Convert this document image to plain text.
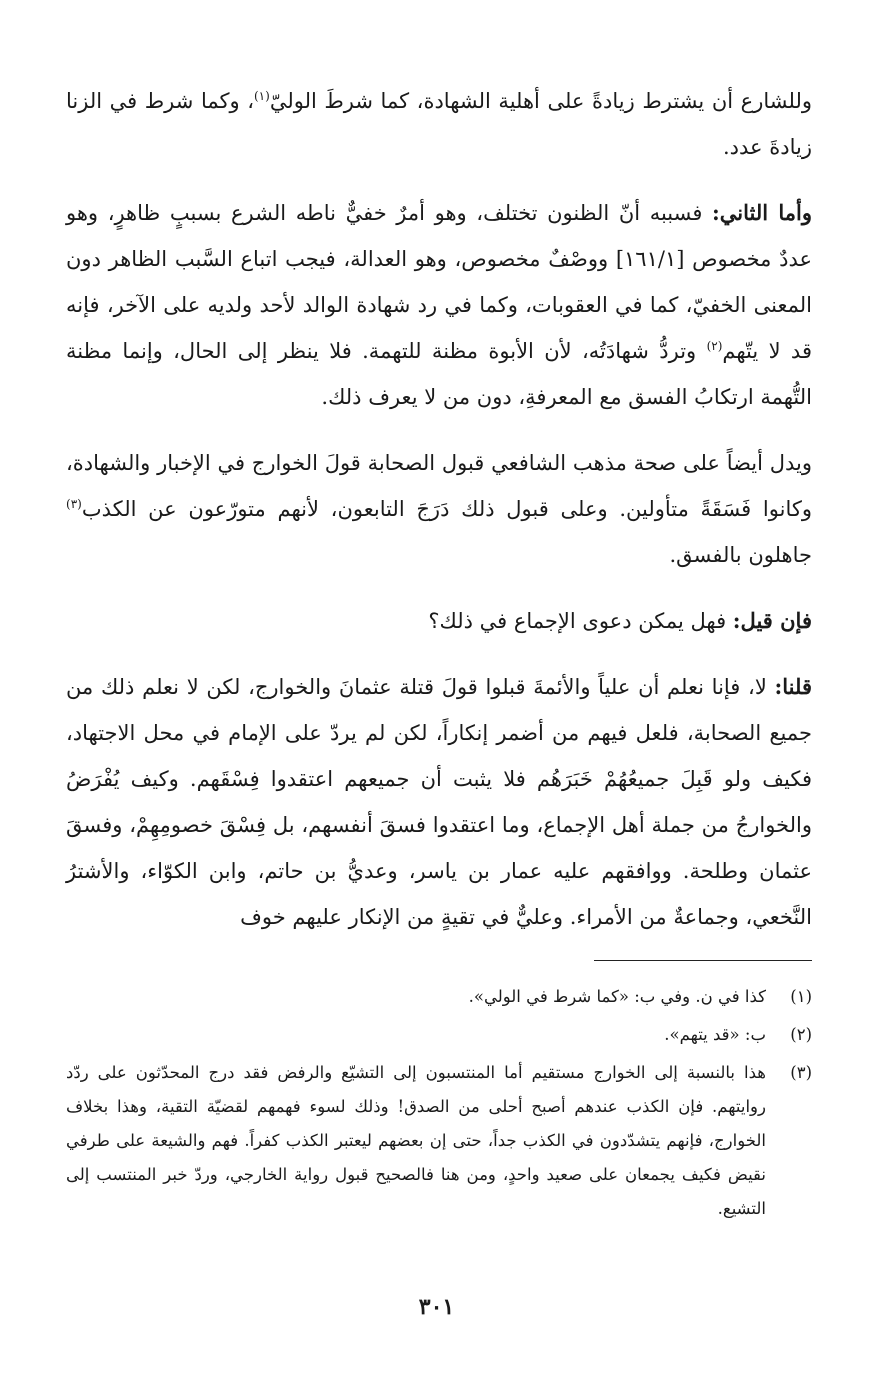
وللشارع أن يشترط زيادةً على أهلية الشهادة، كما شرطَ الوليّ$^{(١)}$، وكما شرط في الزنا زيادةَ عدد.

وأما الثاني: فسببه أنّ الظنون تختلف، وهو أمرٌ خفيٌّ ناطه الشرع بسببٍ ظاهرٍ، وهو عددٌ مخصوص [١٦١/١] ووصْفٌ مخصوص، وهو العدالة، فيجب اتباع السَّبب الظاهر دون المعنى الخفيّ، كما في العقوبات، وكما في رد شهادة الوالد لأحد ولديه على الآخر، فإنه قد لا يتّهم$^{(٢)}$ وتردُّ شهادَتُه، لأن الأبوة مظنة للتهمة. فلا ينظر إلى الحال، وإنما مظنة التُّهمة ارتكابُ الفسق مع المعرفةِ، دون من لا يعرف ذلك.

ويدل أيضاً على صحة مذهب الشافعي قبول الصحابة قولَ الخوارج في الإخبار والشهادة، وكانوا فَسَقَةً متأولين. وعلى قبول ذلك دَرَجَ التابعون، لأنهم متورّعون عن الكذب$^{(٣)}$ جاهلون بالفسق.

فإن قيل: فهل يمكن دعوى الإجماع في ذلك؟

قلنا: لا، فإنا نعلم أن علياً والأئمةَ قبلوا قولَ قتلة عثمانَ والخوارج، لكن لا نعلم ذلك من جميع الصحابة، فلعل فيهم من أضمر إنكاراً، لكن لم يردّ على الإمام في محل الاجتهاد، فكيف ولو قَبِلَ جميعُهُمْ خَبَرَهُم فلا يثبت أن جميعهم اعتقدوا فِسْقَهم. وكيف يُفْرَضُ والخوارجُ من جملة أهل الإجماع، وما اعتقدوا فسقَ أنفسهم، بل فِسْقَ خصومِهِمْ، وفسقَ عثمان وطلحة. ووافقهم عليه عمار بن ياسر، وعديُّ بن حاتم، وابن الكوّاء، والأشترُ النَّخعي، وجماعةٌ من الأمراء. وعليٌّ في تقيةٍ من الإنكار عليهم خوف

(١)
كذا في ن. وفي ب: «كما شرط في الولي».
(٢)
ب: «قد يتهم».
(٣)
هذا بالنسبة إلى الخوارج مستقيم أما المنتسبون إلى التشيّع والرفض فقد درج المحدّثون على ردّد روايتهم. فإن الكذب عندهم أصبح أحلى من الصدق! وذلك لسوء فهمهم لقضيّة التقية، وهذا بخلاف الخوارج، فإنهم يتشدّدون في الكذب جداً، حتى إن بعضهم ليعتبر الكذب كفراً. فهم والشيعة على طرفي نقيض فكيف يجمعان على صعيد واحدٍ، ومن هنا فالصحيح قبول رواية الخارجي، وردّ خبر المنتسب إلى التشيع.
٣٠١
